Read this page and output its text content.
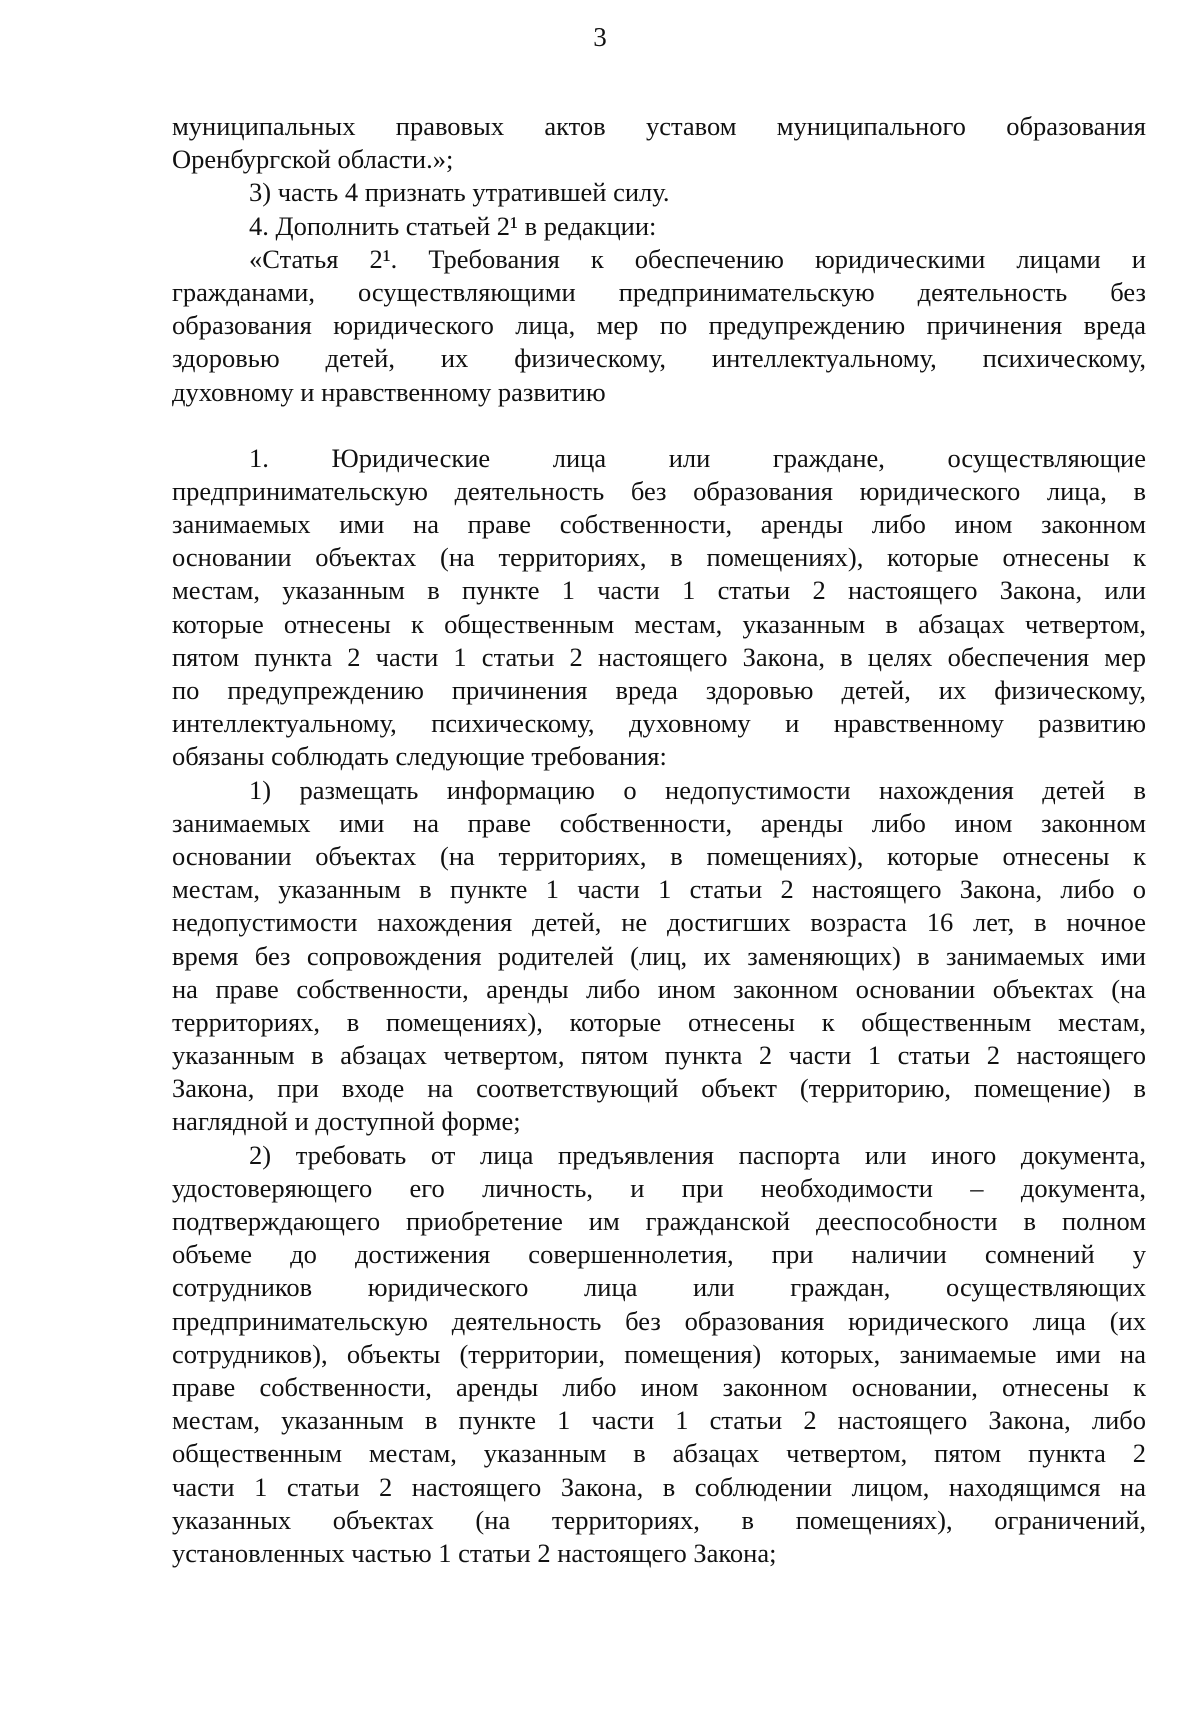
3
муниципальных правовых актов уставом муниципального образования
Оренбургской области.»;
3) часть 4 признать утратившей силу.
4. Дополнить статьей 2¹ в редакции:
«Статья 2¹. Требования к обеспечению юридическими лицами и
гражданами, осуществляющими предпринимательскую деятельность без
образования юридического лица, мер по предупреждению причинения вреда
здоровью детей, их физическому, интеллектуальному, психическому,
духовному и нравственному развитию
1. Юридические лица или граждане, осуществляющие
предпринимательскую деятельность без образования юридического лица, в
занимаемых ими на праве собственности, аренды либо ином законном
основании объектах (на территориях, в помещениях), которые отнесены к
местам, указанным в пункте 1 части 1 статьи 2 настоящего Закона, или
которые отнесены к общественным местам, указанным в абзацах четвертом,
пятом пункта 2 части 1 статьи 2 настоящего Закона, в целях обеспечения мер
по предупреждению причинения вреда здоровью детей, их физическому,
интеллектуальному, психическому, духовному и нравственному развитию
обязаны соблюдать следующие требования:
1) размещать информацию о недопустимости нахождения детей в
занимаемых ими на праве собственности, аренды либо ином законном
основании объектах (на территориях, в помещениях), которые отнесены к
местам, указанным в пункте 1 части 1 статьи 2 настоящего Закона, либо о
недопустимости нахождения детей, не достигших возраста 16 лет, в ночное
время без сопровождения родителей (лиц, их заменяющих) в занимаемых ими
на праве собственности, аренды либо ином законном основании объектах (на
территориях, в помещениях), которые отнесены к общественным местам,
указанным в абзацах четвертом, пятом пункта 2 части 1 статьи 2 настоящего
Закона, при входе на соответствующий объект (территорию, помещение) в
наглядной и доступной форме;
2) требовать от лица предъявления паспорта или иного документа,
удостоверяющего его личность, и при необходимости – документа,
подтверждающего приобретение им гражданской дееспособности в полном
объеме до достижения совершеннолетия, при наличии сомнений у
сотрудников юридического лица или граждан, осуществляющих
предпринимательскую деятельность без образования юридического лица (их
сотрудников), объекты (территории, помещения) которых, занимаемые ими на
праве собственности, аренды либо ином законном основании, отнесены к
местам, указанным в пункте 1 части 1 статьи 2 настоящего Закона, либо
общественным местам, указанным в абзацах четвертом, пятом пункта 2
части 1 статьи 2 настоящего Закона, в соблюдении лицом, находящимся на
указанных объектах (на территориях, в помещениях), ограничений,
установленных частью 1 статьи 2 настоящего Закона;
